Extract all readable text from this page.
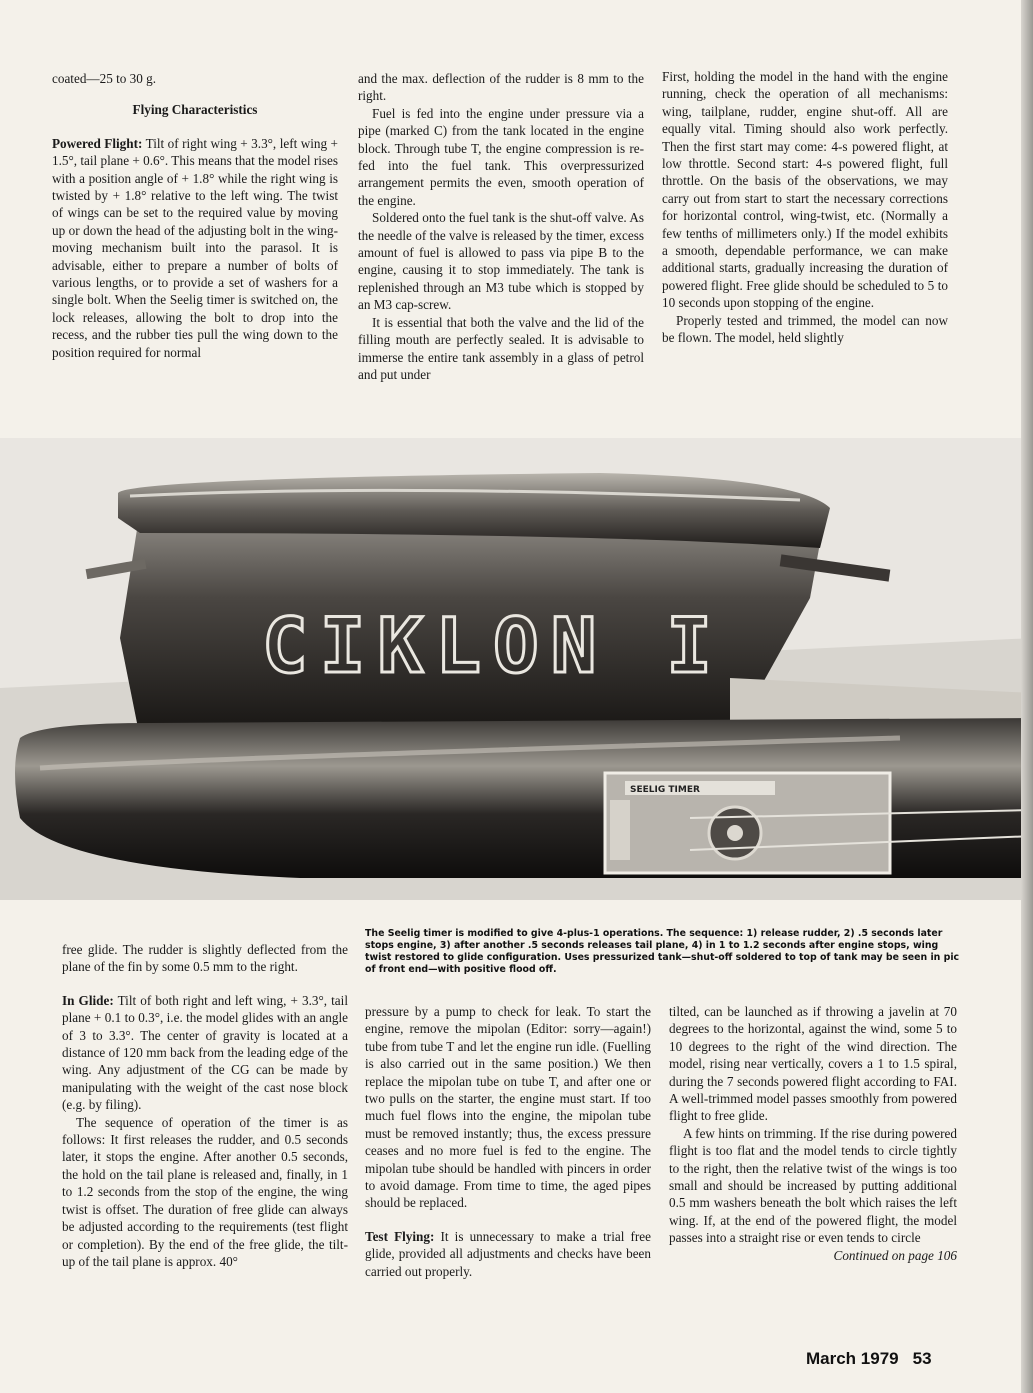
coated—25 to 30 g.

Flying Characteristics

Powered Flight: Tilt of right wing + 3.3°, left wing + 1.5°, tail plane + 0.6°. This means that the model rises with a position angle of + 1.8° while the right wing is twisted by + 1.8° relative to the left wing. The twist of wings can be set to the required value by moving up or down the head of the adjusting bolt in the wing-moving mechanism built into the parasol. It is advisable, either to prepare a number of bolts of various lengths, or to provide a set of washers for a single bolt. When the Seelig timer is switched on, the lock releases, allowing the bolt to drop into the recess, and the rubber ties pull the wing down to the position required for normal

and the max. deflection of the rudder is 8 mm to the right.

Fuel is fed into the engine under pressure via a pipe (marked C) from the tank located in the engine block. Through tube T, the engine compression is re-fed into the fuel tank. This overpressurized arrangement permits the even, smooth operation of the engine.

Soldered onto the fuel tank is the shut-off valve. As the needle of the valve is released by the timer, excess amount of fuel is allowed to pass via pipe B to the engine, causing it to stop immediately. The tank is replenished through an M3 tube which is stopped by an M3 cap-screw.

It is essential that both the valve and the lid of the filling mouth are perfectly sealed. It is advisable to immerse the entire tank assembly in a glass of petrol and put under

First, holding the model in the hand with the engine running, check the operation of all mechanisms: wing, tailplane, rudder, engine shut-off. All are equally vital. Timing should also work perfectly. Then the first start may come: 4-s powered flight, at low throttle. Second start: 4-s powered flight, full throttle. On the basis of the observations, we may carry out from start to start the necessary corrections for horizontal control, wing-twist, etc. (Normally a few tenths of millimeters only.) If the model exhibits a smooth, dependable performance, we can make additional starts, gradually increasing the duration of powered flight. Free glide should be scheduled to 5 to 10 seconds upon stopping of the engine.

Properly tested and trimmed, the model can now be flown. The model, held slightly

CIKLON I
SEELIG TIMER
The Seelig timer is modified to give 4-plus-1 operations. The sequence: 1) release rudder, 2) .5 seconds later stops engine, 3) after another .5 seconds releases tail plane, 4) in 1 to 1.2 seconds after engine stops, wing twist restored to glide configuration. Uses pressurized tank—shut-off soldered to top of tank may be seen in pic of front end—with positive flood off.

free glide. The rudder is slightly deflected from the plane of the fin by some 0.5 mm to the right.

In Glide: Tilt of both right and left wing, + 3.3°, tail plane + 0.1 to 0.3°, i.e. the model glides with an angle of 3 to 3.3°. The center of gravity is located at a distance of 120 mm back from the leading edge of the wing. Any adjustment of the CG can be made by manipulating with the weight of the cast nose block (e.g. by filing).

The sequence of operation of the timer is as follows: It first releases the rudder, and 0.5 seconds later, it stops the engine. After another 0.5 seconds, the hold on the tail plane is released and, finally, in 1 to 1.2 seconds from the stop of the engine, the wing twist is offset. The duration of free glide can always be adjusted according to the requirements (test flight or completion). By the end of the free glide, the tilt-up of the tail plane is approx. 40°

pressure by a pump to check for leak. To start the engine, remove the mipolan (Editor: sorry—again!) tube from tube T and let the engine run idle. (Fuelling is also carried out in the same position.) We then replace the mipolan tube on tube T, and after one or two pulls on the starter, the engine must start. If too much fuel flows into the engine, the mipolan tube must be removed instantly; thus, the excess pressure ceases and no more fuel is fed to the engine. The mipolan tube should be handled with pincers in order to avoid damage. From time to time, the aged pipes should be replaced.

Test Flying: It is unnecessary to make a trial free glide, provided all adjustments and checks have been carried out properly.

tilted, can be launched as if throwing a javelin at 70 degrees to the horizontal, against the wind, some 5 to 10 degrees to the right of the wind direction. The model, rising near vertically, covers a 1 to 1.5 spiral, during the 7 seconds powered flight according to FAI. A well-trimmed model passes smoothly from powered flight to free glide.

A few hints on trimming. If the rise during powered flight is too flat and the model tends to circle tightly to the right, then the relative twist of the wings is too small and should be increased by putting additional 0.5 mm washers beneath the bolt which raises the left wing. If, at the end of the powered flight, the model passes into a straight rise or even tends to circle

Continued on page 106

March 1979 53
